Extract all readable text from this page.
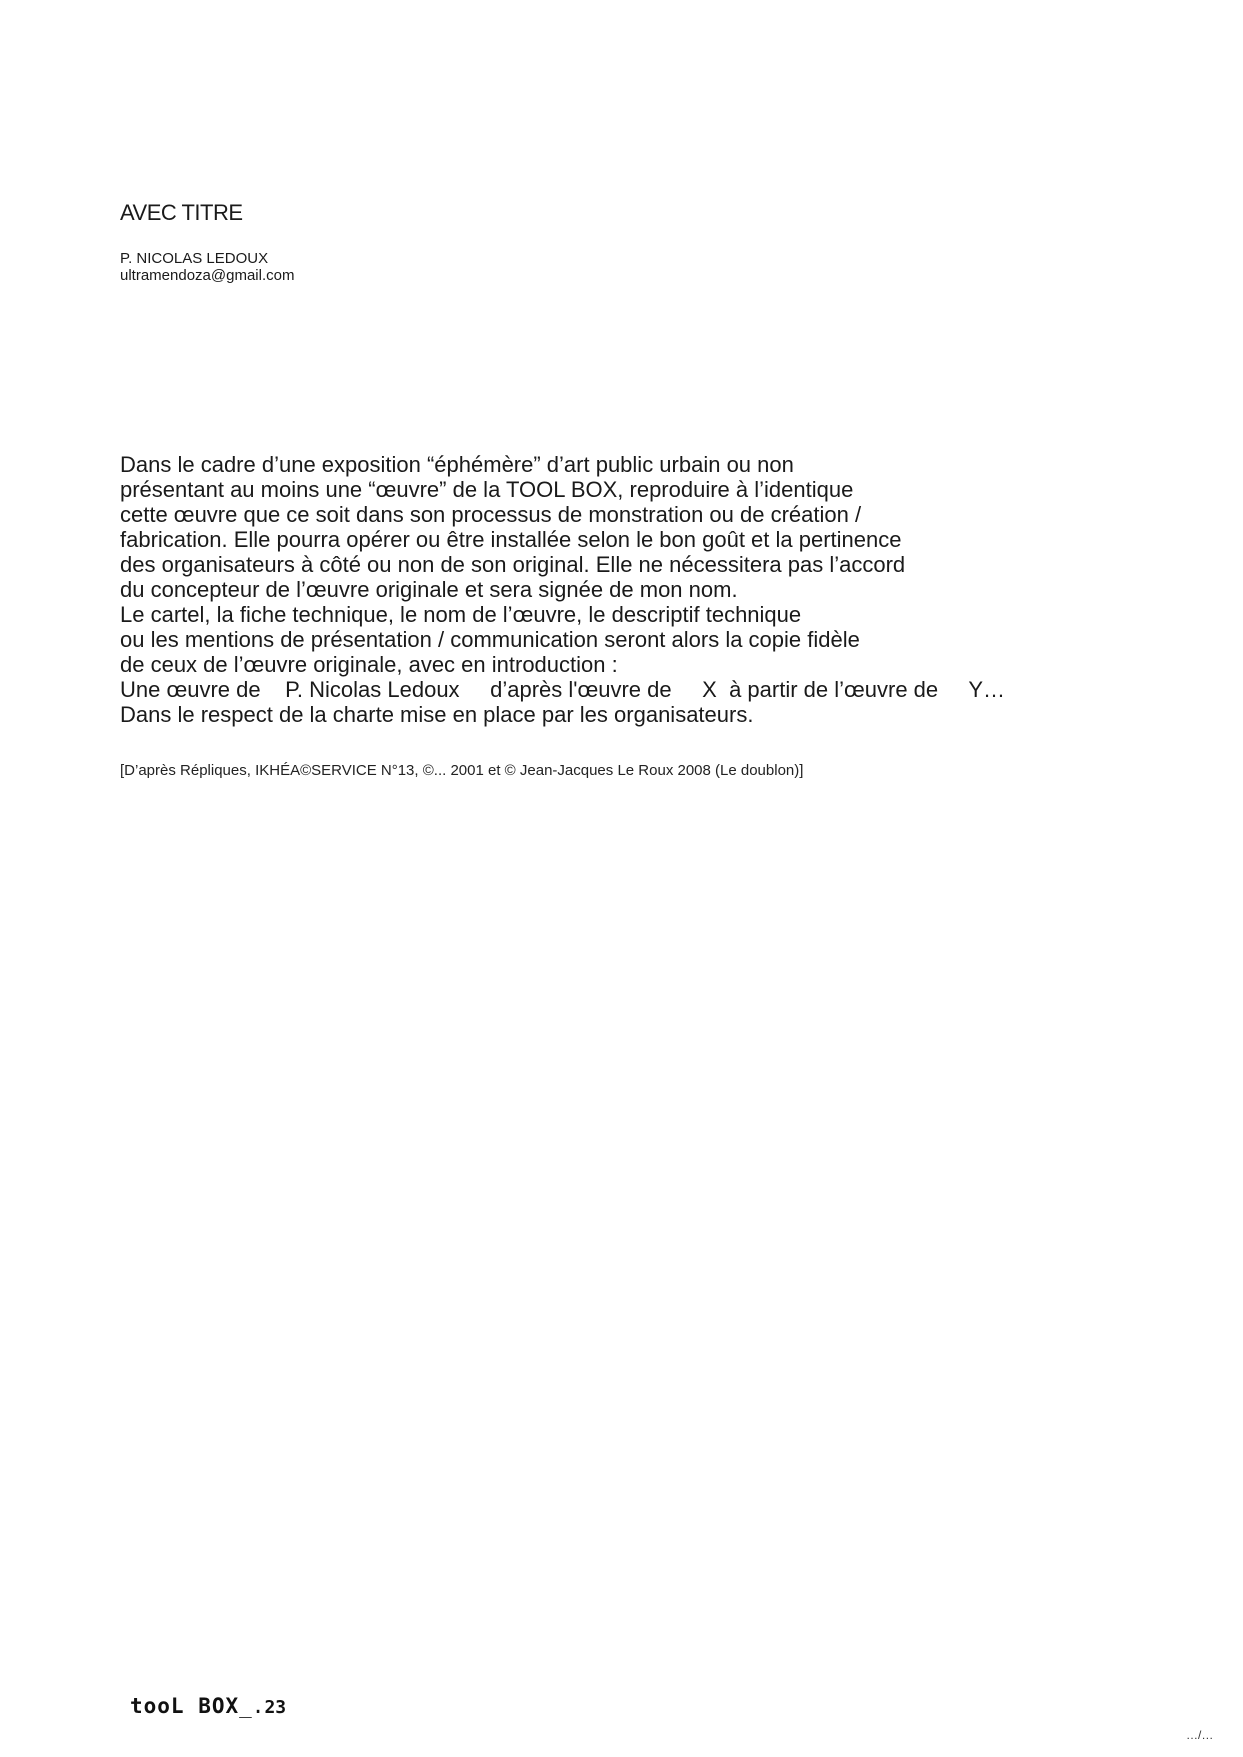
AVEC TITRE
P. NICOLAS LEDOUX
ultramendoza@gmail.com
Dans le cadre d’une exposition “éphémère” d’art public urbain ou non
présentant au moins une “œuvre” de la TOOL BOX, reproduire à l’identique
cette œuvre que ce soit dans son processus de monstration ou de création /
fabrication. Elle pourra opérer ou être installée selon le bon goût et la pertinence
des organisateurs à côté ou non de son original. Elle ne nécessitera pas l’accord
du concepteur de l’œuvre originale et sera signée de mon nom.
Le cartel, la fiche technique, le nom de l’œuvre, le descriptif technique
ou les mentions de présentation / communication seront alors la copie fidèle
de ceux de l’œuvre originale, avec en introduction :
Une œuvre de    P. Nicolas Ledoux     d’après l'œuvre de     X  à partir de l’œuvre de     Y…
Dans le respect de la charte mise en place par les organisateurs.
[D’après Répliques, IKHÉA©SERVICE N°13, ©... 2001 et © Jean-Jacques Le Roux 2008 (Le doublon)]
tooL BOX_.23
…/…
